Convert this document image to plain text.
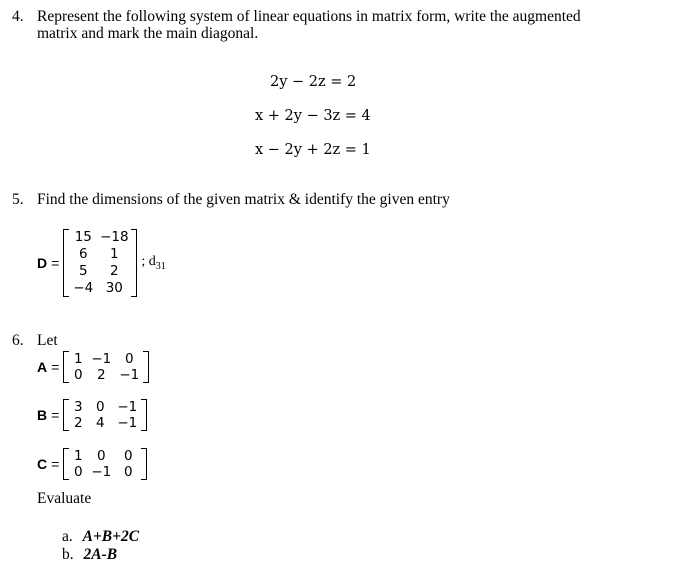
4. Represent the following system of linear equations in matrix form, write the augmented
matrix and mark the main diagonal.
2y − 2z = 2
x + 2y − 3z = 4
x − 2y + 2z = 1
5. Find the dimensions of the given matrix & identify the given entry
D =
15 −18
6	1
5	2
−4 30
; $d_{31}$
6. Let
A =	1 −1	0
0	2	−1
B =	3 0 −1
2 4 −1
C =	1	0	0
0 −1 0
Evaluate
a. A+B+2C
b. 2A-B
